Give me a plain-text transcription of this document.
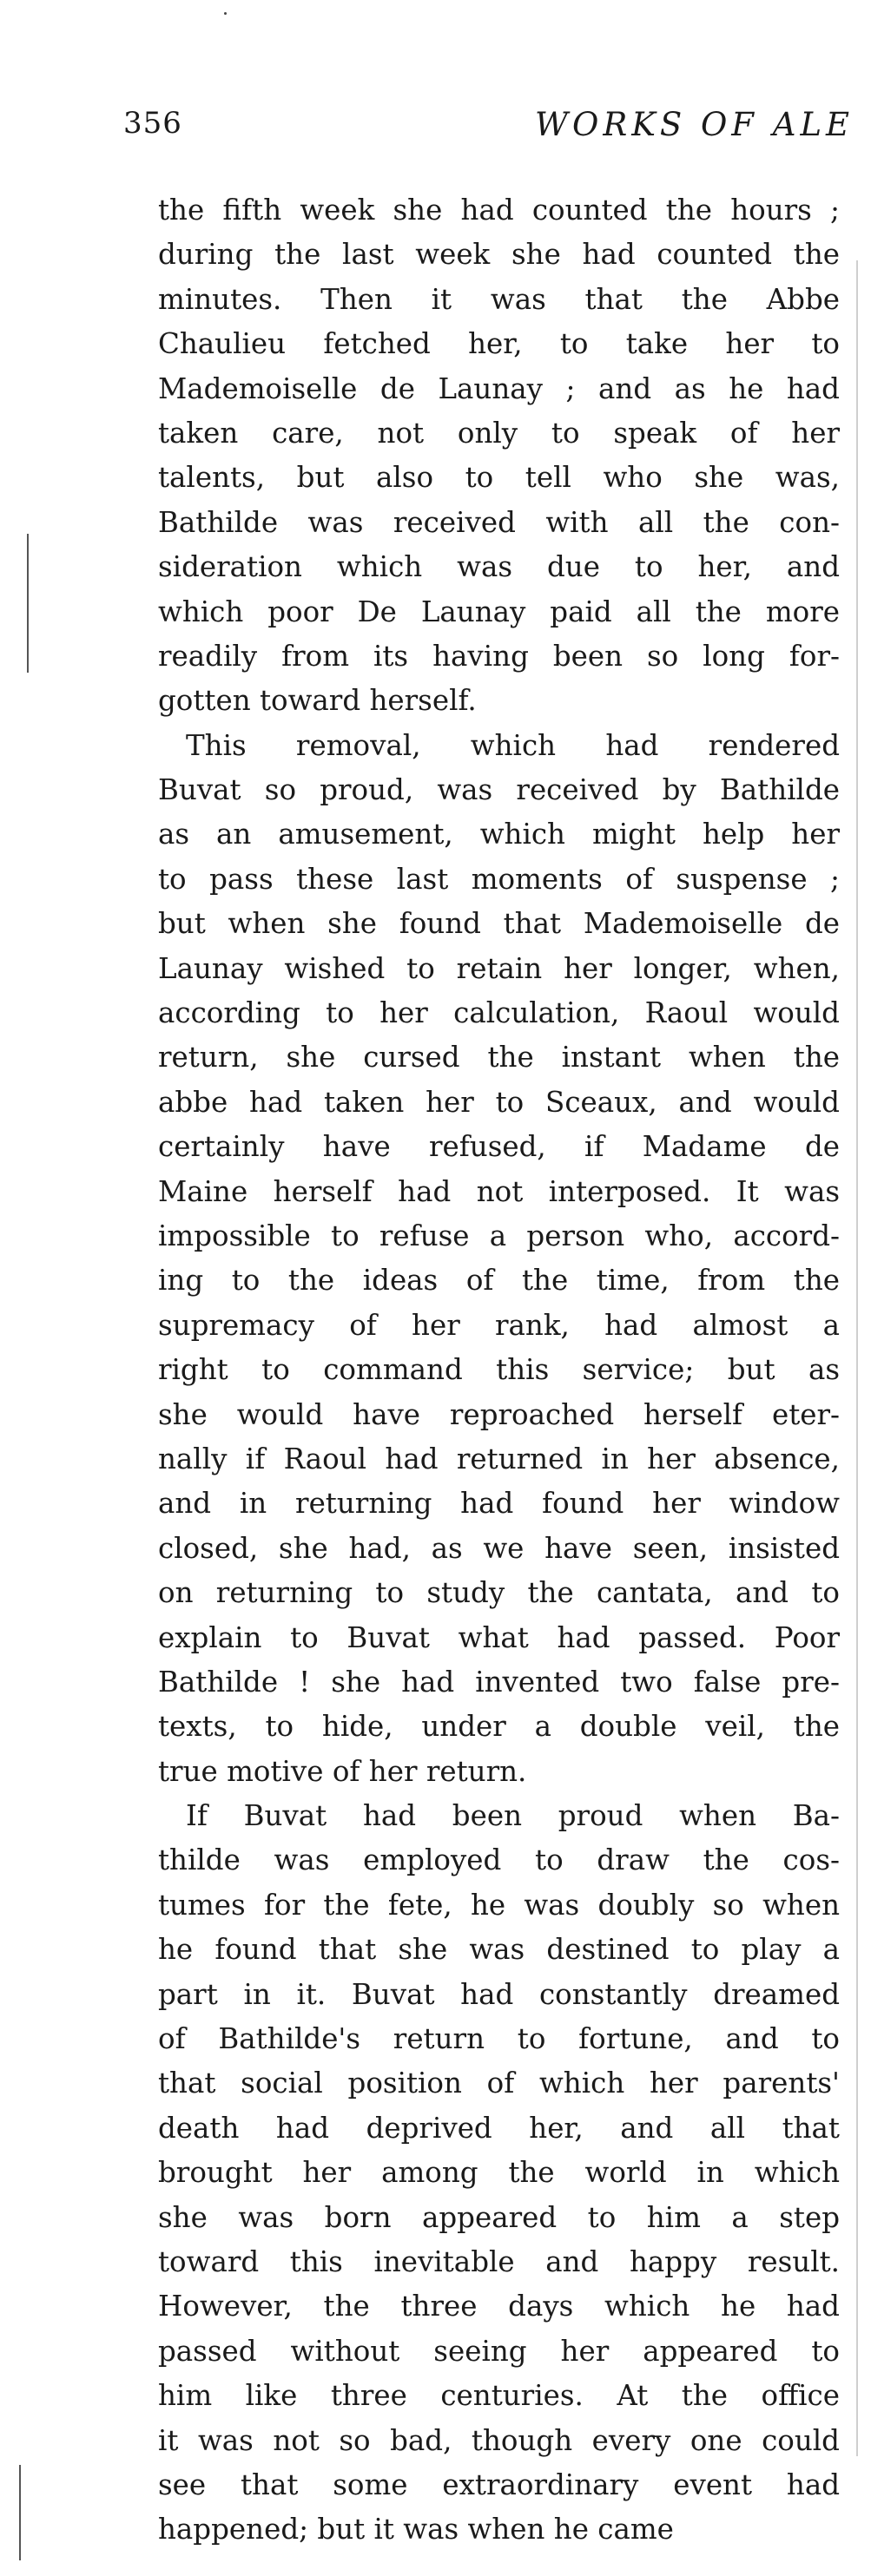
356	WORKS OF ALE

the fifth week she had counted the hours ;
during the last week she had counted the
minutes. Then it was that the Abbe
Chaulieu fetched her, to take her to
Mademoiselle de Launay ; and as he had
taken care, not only to speak of her
talents, but also to tell who she was,
Bathilde was received with all the con-
sideration which was due to her, and
which poor De Launay paid all the more
readily from its having been so long for-
gotten toward herself.

This removal, which had rendered
Buvat so proud, was received by Bathilde
as an amusement, which might help her
to pass these last moments of suspense ;
but when she found that Mademoiselle de
Launay wished to retain her longer, when,
according to her calculation, Raoul would
return, she cursed the instant when the
abbe had taken her to Sceaux, and would
certainly have refused, if Madame de
Maine herself had not interposed. It was
impossible to refuse a person who, accord-
ing to the ideas of the time, from the
supremacy of her rank, had almost a
right to command this service; but as
she would have reproached herself eter-
nally if Raoul had returned in her absence,
and in returning had found her window
closed, she had, as we have seen, insisted
on returning to study the cantata, and to
explain to Buvat what had passed. Poor
Bathilde ! she had invented two false pre-
texts, to hide, under a double veil, the
true motive of her return.

If Buvat had been proud when Ba-
thilde was employed to draw the cos-
tumes for the fete, he was doubly so when
he found that she was destined to play a
part in it. Buvat had constantly dreamed
of Bathilde's return to fortune, and to
that social position of which her parents'
death had deprived her, and all that
brought her among the world in which
she was born appeared to him a step
toward this inevitable and happy result.
However, the three days which he had
passed without seeing her appeared to
him like three centuries. At the office
it was not so bad, though every one could
see that some extraordinary event had
happened; but it was when he came
